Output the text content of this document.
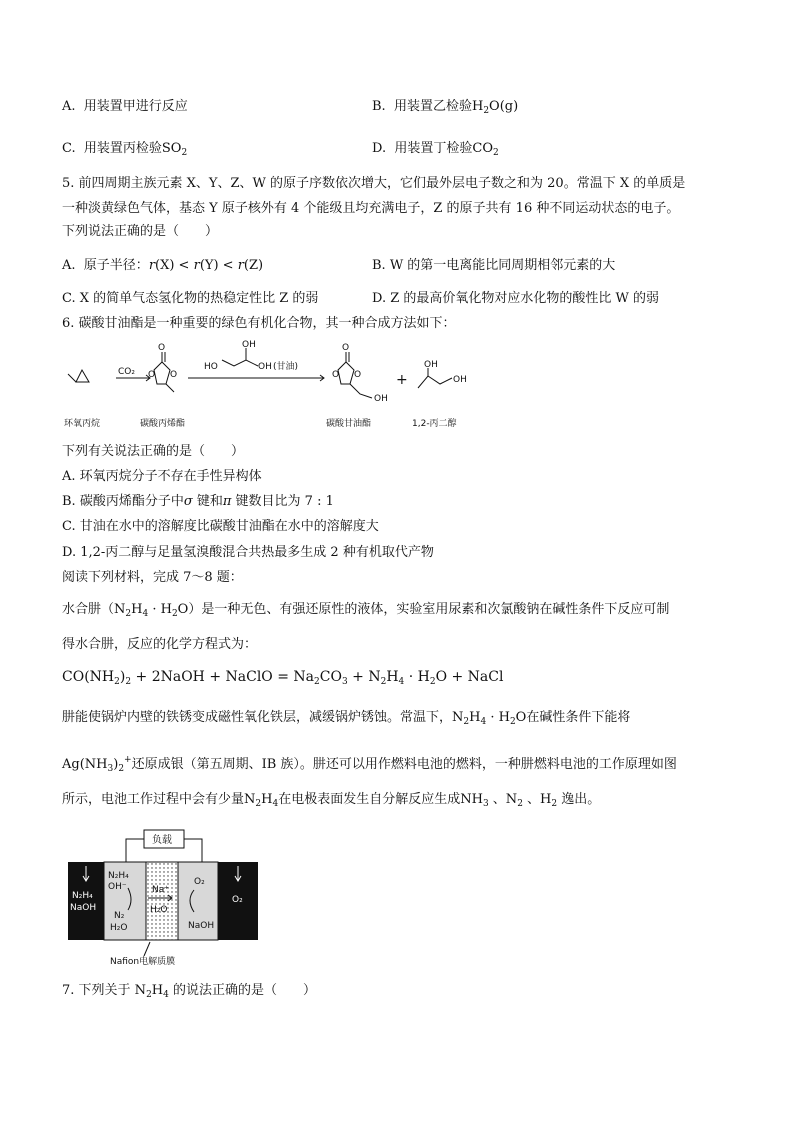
A. 用装置甲进行反应	B. 用装置乙检验$H_2O(g)$
C. 用装置丙检验$SO_2$	D. 用装置丁检验$CO_2$
5. 前四周期主族元素 X、Y、Z、W 的原子序数依次增大，它们最外层电子数之和为 20。常温下 X 的单质是
一种淡黄绿色气体，基态 Y 原子核外有 4 个能级且均充满电子，Z 的原子共有 16 种不同运动状态的电子。
下列说法正确的是（　　）
A. 原子半径：r(X) < r(Y) < r(Z)	B. W 的第一电离能比同周期相邻元素的大
C. X 的简单气态氢化物的热稳定性比 Z 的弱	D. Z 的最高价氧化物对应水化物的酸性比 W 的弱
6. 碳酸甘油酯是一种重要的绿色有机化合物，其一种合成方法如下：
CO₂
O
O O
HO
OH
OH (甘油)
O
O O
OH
OH
OH
+
环氧丙烷	碳酸丙烯酯	碳酸甘油酯	1,2-丙二醇
下列有关说法正确的是（　　）
A. 环氧丙烷分子不存在手性异构体
B. 碳酸丙烯酯分子中σ 键和π 键数目比为 7 : 1
C. 甘油在水中的溶解度比碳酸甘油酯在水中的溶解度大
D. 1,2-丙二醇与足量氢溴酸混合共热最多生成 2 种有机取代产物
阅读下列材料，完成 7～8 题：
水合肼$(N_2H_4 \cdot H_2O)$是一种无色、有强还原性的液体，实验室用尿素和次氯酸钠在碱性条件下反应可制
得水合肼，反应的化学方程式为：
$CO(NH_2)_2$ + 2NaOH + NaClO = $Na_2CO_3 + N_2H_4 \cdot H_2O$ + NaCl
肼能使锅炉内壁的铁锈变成磁性氧化铁层，减缓锅炉锈蚀。常温下，$N_2H_4 \cdot H_2O$在碱性条件下能将
$Ag(NH_3)_2^+$还原成银（第五周期、IB 族）。肼还可以用作燃料电池的燃料，一种肼燃料电池的工作原理如图
所示，电池工作过程中会有少量$N_2H_4$在电极表面发生自分解反应生成$NH_3$ 、$N_2$ 、$H_2$ 逸出。
负载
N₂H₄
NaOH
N₂H₄
OH⁻
N₂
H₂O
Na⁺
H₂O
O₂
NaOH
O₂
Nafion电解质膜
7. 下列关于 $N_2H_4$ 的说法正确的是（　　）
